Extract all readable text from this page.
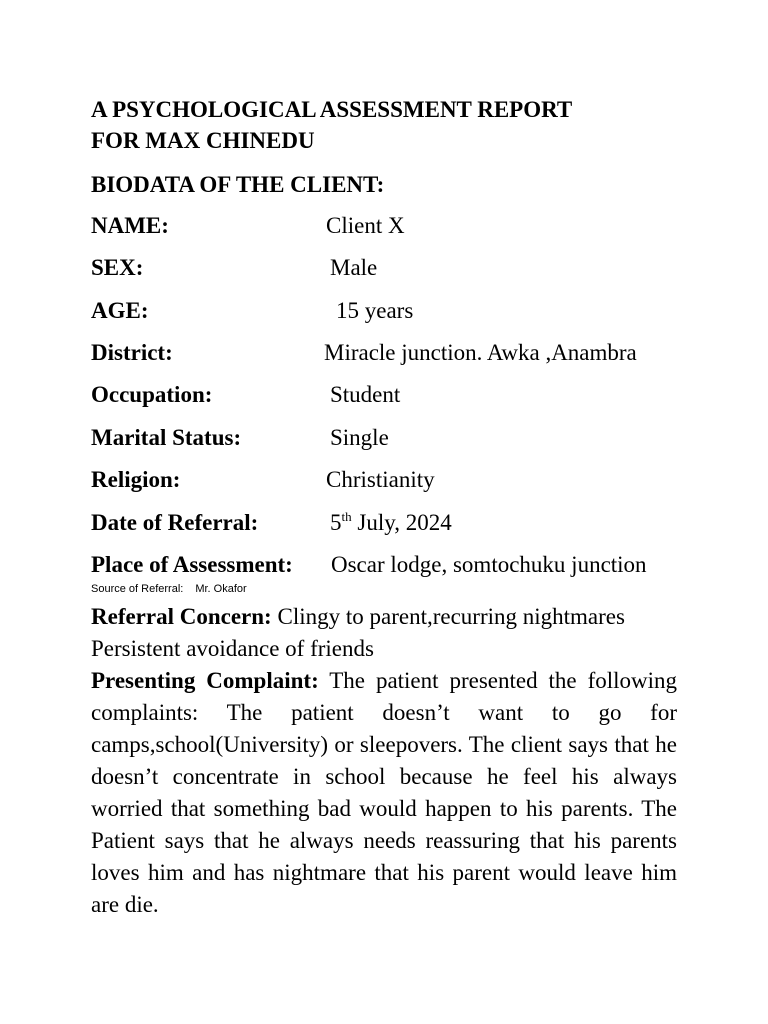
A PSYCHOLOGICAL ASSESSMENT REPORT
FOR MAX CHINEDU
BIODATA OF THE CLIENT:
NAME:	Client X
SEX:	Male
AGE:	15 years
District:	Miracle junction. Awka ,Anambra
Occupation:	Student
Marital Status:	Single
Religion:	Christianity
Date of Referral:	5th July, 2024
Place of Assessment: Oscar lodge, somtochuku junction
Source of Referral: Mr. Okafor
Referral Concern: Clingy to parent,recurring nightmares Persistent avoidance of friends
Presenting Complaint: The patient presented the following complaints: The patient doesn’t want to go for camps,school(University) or sleepovers. The client says that he doesn’t concentrate in school because he feel his always worried that something bad would happen to his parents. The Patient says that he always needs reassuring that his parents loves him and has nightmare that his parent would leave him are die.
